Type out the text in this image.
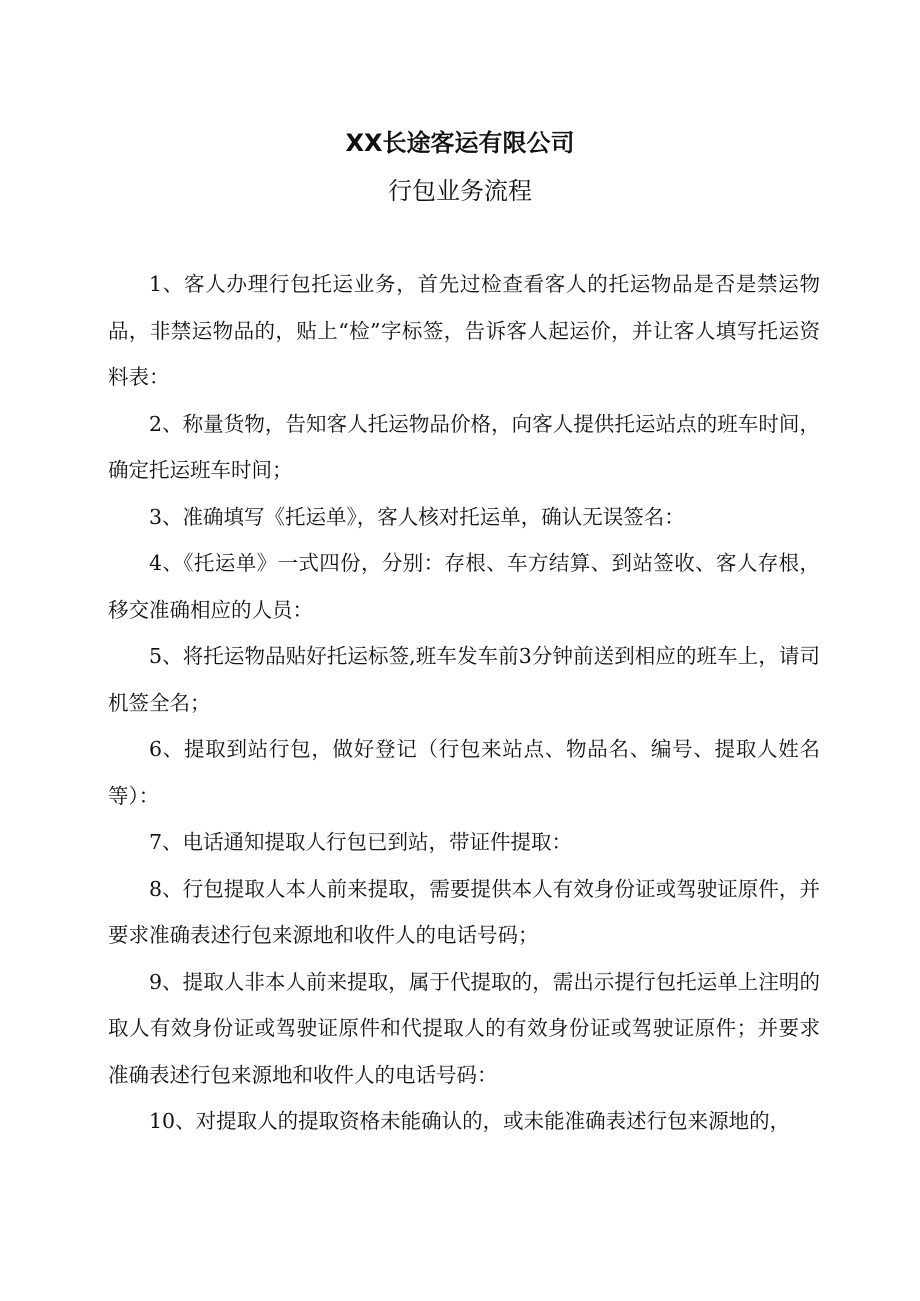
XX长途客运有限公司
行包业务流程

1、客人办理行包托运业务，首先过检查看客人的托运物品是否是禁运物品，非禁运物品的，贴上“检”字标签，告诉客人起运价，并让客人填写托运资料表：

2、称量货物，告知客人托运物品价格，向客人提供托运站点的班车时间，确定托运班车时间；

3、准确填写《托运单》，客人核对托运单，确认无误签名：

4、《托运单》一式四份，分别：存根、车方结算、到站签收、客人存根，移交准确相应的人员：

5、将托运物品贴好托运标签,班车发车前3分钟前送到相应的班车上，请司机签全名；

6、提取到站行包，做好登记（行包来站点、物品名、编号、提取人姓名等）：

7、电话通知提取人行包已到站，带证件提取：

8、行包提取人本人前来提取，需要提供本人有效身份证或驾驶证原件，并要求准确表述行包来源地和收件人的电话号码；

9、提取人非本人前来提取，属于代提取的，需出示提行包托运单上注明的取人有效身份证或驾驶证原件和代提取人的有效身份证或驾驶证原件；并要求准确表述行包来源地和收件人的电话号码：

10、对提取人的提取资格未能确认的，或未能准确表述行包来源地的，
